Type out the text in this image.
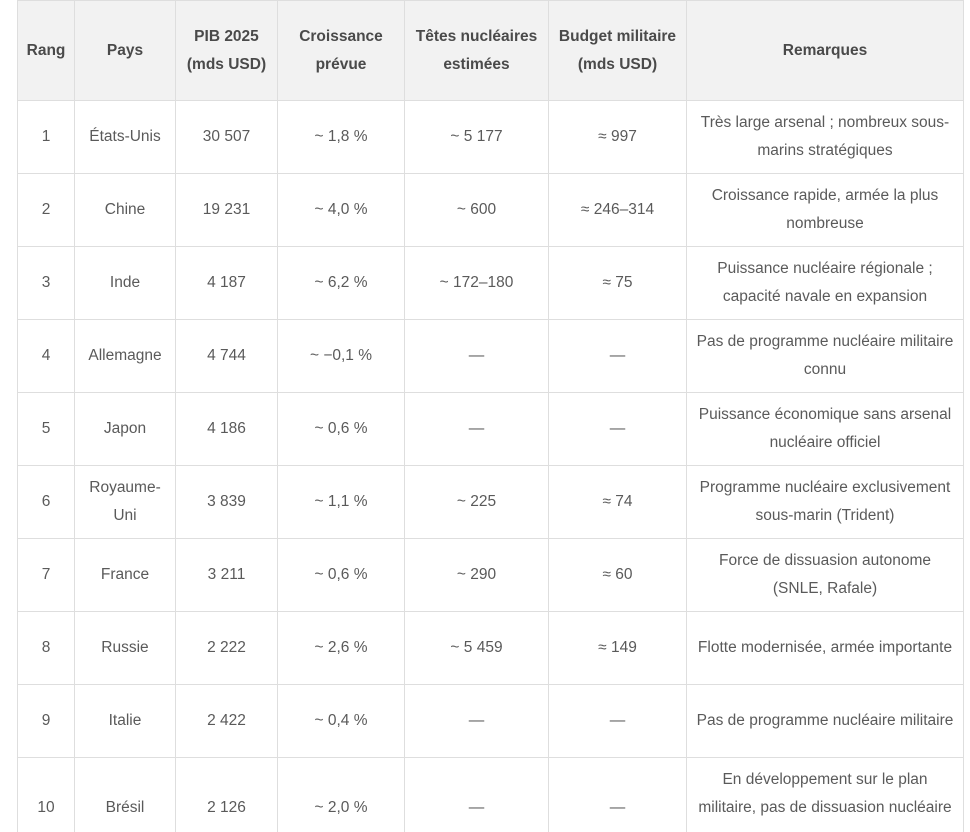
Rang	Pays	PIB 2025 (mds USD)	Croissance prévue	Têtes nucléaires estimées	Budget militaire (mds USD)	Remarques
1	États-Unis	30 507	~ 1,8 %	~ 5 177	≈ 997	Très large arsenal ; nombreux sous-marins stratégiques
2	Chine	19 231	~ 4,0 %	~ 600	≈ 246–314	Croissance rapide, armée la plus nombreuse
3	Inde	4 187	~ 6,2 %	~ 172–180	≈ 75	Puissance nucléaire régionale ; capacité navale en expansion
4	Allemagne	4 744	~ −0,1 %	—	—	Pas de programme nucléaire militaire connu
5	Japon	4 186	~ 0,6 %	—	—	Puissance économique sans arsenal nucléaire officiel
6	Royaume-Uni	3 839	~ 1,1 %	~ 225	≈ 74	Programme nucléaire exclusivement sous-marin (Trident)
7	France	3 211	~ 0,6 %	~ 290	≈ 60	Force de dissuasion autonome (SNLE, Rafale)
8	Russie	2 222	~ 2,6 %	~ 5 459	≈ 149	Flotte modernisée, armée importante
9	Italie	2 422	~ 0,4 %	—	—	Pas de programme nucléaire militaire
10	Brésil	2 126	~ 2,0 %	—	—	En développement sur le plan militaire, pas de dissuasion nucléaire
